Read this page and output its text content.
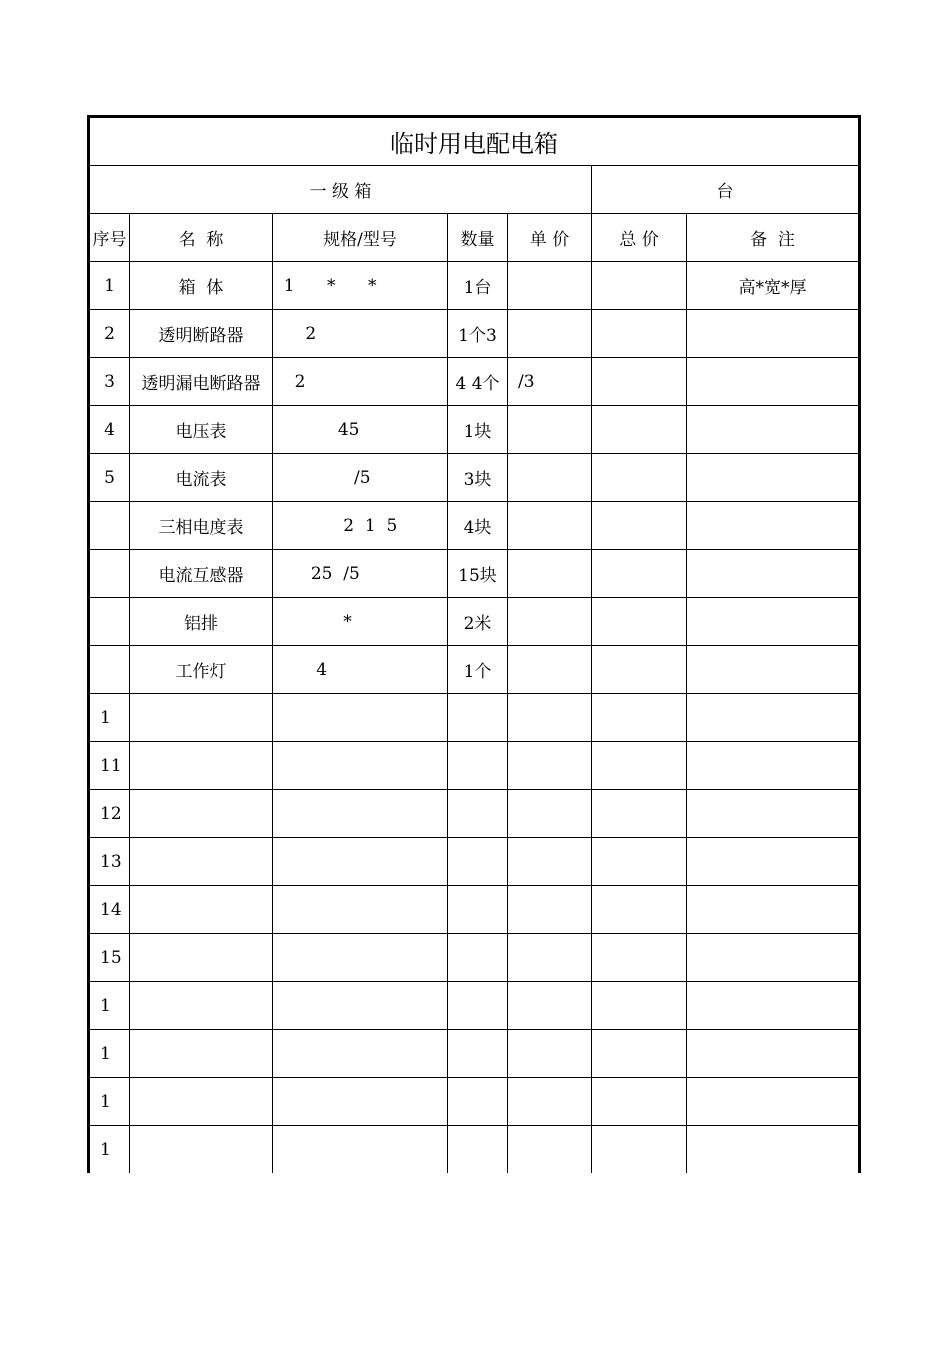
临时用电配电箱						
一 级 箱					台	
序号	名  称	规格/型号	数量	单 价	总 价	备  注
1	箱  体	1      *      *	1台			高*宽*厚
2	透明断路器	2	1个3			
3	透明漏电断路器	2	4 4个	/3		
4	电压表	45	1块			
5	电流表	/5	3块			
	三相电度表	2  1  5	4块			
	电流互感器	25  /5	15块			
	铝排	*	2米			
	工作灯	4	1个			
1						
11						
12						
13						
14						
15						
1						
1						
1						
1						
